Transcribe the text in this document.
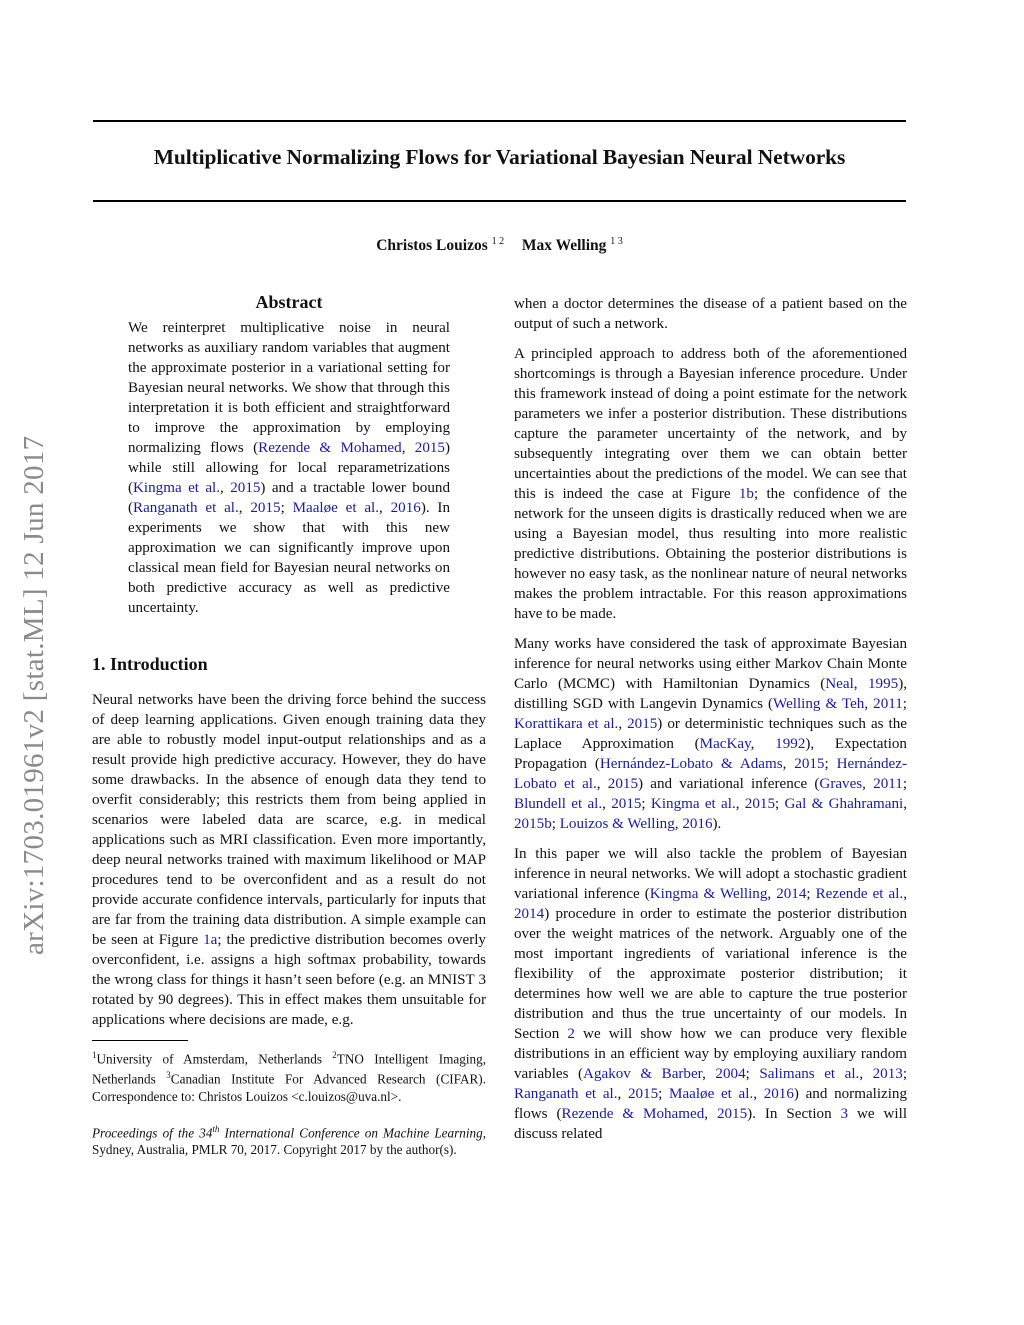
Multiplicative Normalizing Flows for Variational Bayesian Neural Networks
Christos Louizos $^{1 2}$ Max Welling $^{1 3}$
arXiv:1703.01961v2 [stat.ML] 12 Jun 2017
Abstract

We reinterpret multiplicative noise in neural networks as auxiliary random variables that augment the approximate posterior in a variational setting for Bayesian neural networks. We show that through this interpretation it is both efficient and straightforward to improve the approximation by employing normalizing flows (Rezende & Mohamed, 2015) while still allowing for local reparametrizations (Kingma et al., 2015) and a tractable lower bound (Ranganath et al., 2015; Maaløe et al., 2016). In experiments we show that with this new approximation we can significantly improve upon classical mean field for Bayesian neural networks on both predictive accuracy as well as predictive uncertainty.

1. Introduction

Neural networks have been the driving force behind the success of deep learning applications. Given enough training data they are able to robustly model input-output relationships and as a result provide high predictive accuracy. However, they do have some drawbacks. In the absence of enough data they tend to overfit considerably; this restricts them from being applied in scenarios were labeled data are scarce, e.g. in medical applications such as MRI classification. Even more importantly, deep neural networks trained with maximum likelihood or MAP procedures tend to be overconfident and as a result do not provide accurate confidence intervals, particularly for inputs that are far from the training data distribution. A simple example can be seen at Figure 1a; the predictive distribution becomes overly overconfident, i.e. assigns a high softmax probability, towards the wrong class for things it hasn’t seen before (e.g. an MNIST 3 rotated by 90 degrees). This in effect makes them unsuitable for applications where decisions are made, e.g.

$^1$University of Amsterdam, Netherlands $^2$TNO Intelligent Imaging, Netherlands $^3$Canadian Institute For Advanced Research (CIFAR). Correspondence to: Christos Louizos <c.louizos@uva.nl>.
Proceedings of the 34th International Conference on Machine Learning, Sydney, Australia, PMLR 70, 2017. Copyright 2017 by the author(s).

when a doctor determines the disease of a patient based on the output of such a network.

A principled approach to address both of the aforementioned shortcomings is through a Bayesian inference procedure. Under this framework instead of doing a point estimate for the network parameters we infer a posterior distribution. These distributions capture the parameter uncertainty of the network, and by subsequently integrating over them we can obtain better uncertainties about the predictions of the model. We can see that this is indeed the case at Figure 1b; the confidence of the network for the unseen digits is drastically reduced when we are using a Bayesian model, thus resulting into more realistic predictive distributions. Obtaining the posterior distributions is however no easy task, as the nonlinear nature of neural networks makes the problem intractable. For this reason approximations have to be made.

Many works have considered the task of approximate Bayesian inference for neural networks using either Markov Chain Monte Carlo (MCMC) with Hamiltonian Dynamics (Neal, 1995), distilling SGD with Langevin Dynamics (Welling & Teh, 2011; Korattikara et al., 2015) or deterministic techniques such as the Laplace Approximation (MacKay, 1992), Expectation Propagation (Hernández-Lobato & Adams, 2015; Hernández-Lobato et al., 2015) and variational inference (Graves, 2011; Blundell et al., 2015; Kingma et al., 2015; Gal & Ghahramani, 2015b; Louizos & Welling, 2016).

In this paper we will also tackle the problem of Bayesian inference in neural networks. We will adopt a stochastic gradient variational inference (Kingma & Welling, 2014; Rezende et al., 2014) procedure in order to estimate the posterior distribution over the weight matrices of the network. Arguably one of the most important ingredients of variational inference is the flexibility of the approximate posterior distribution; it determines how well we are able to capture the true posterior distribution and thus the true uncertainty of our models. In Section 2 we will show how we can produce very flexible distributions in an efficient way by employing auxiliary random variables (Agakov & Barber, 2004; Salimans et al., 2013; Ranganath et al., 2015; Maaløe et al., 2016) and normalizing flows (Rezende & Mohamed, 2015). In Section 3 we will discuss related
